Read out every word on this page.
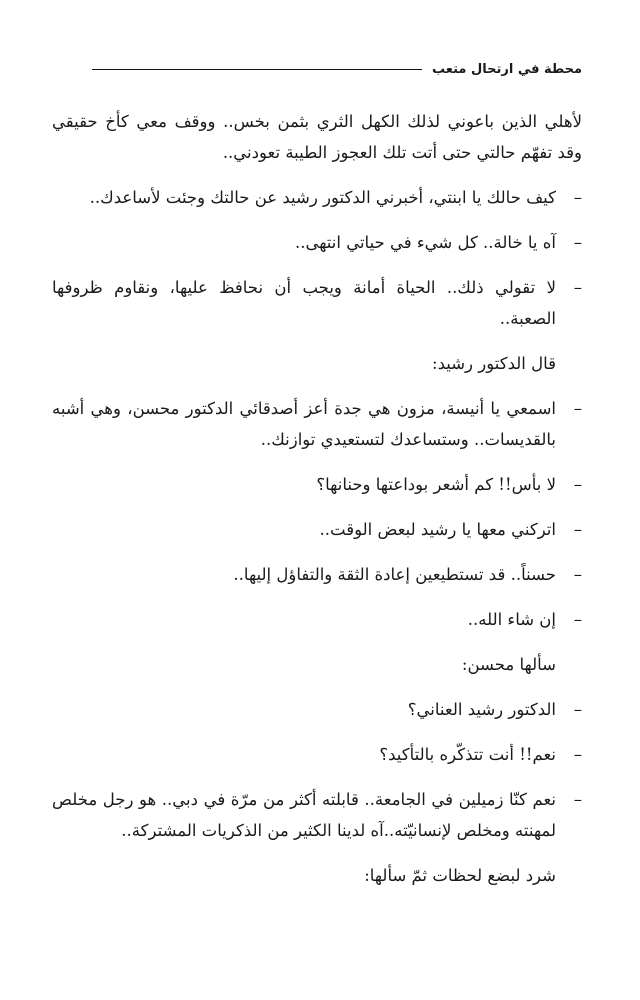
محطة في ارتحال متعب

لأهلي الذين باعوني لذلك الكهل الثري بثمن بخس.. ووقف معي كأخ حقيقي وقد تفهّم حالتي حتى أتت تلك العجوز الطيبة تعودني..

–
كيف حالك يا ابنتي، أخبرني الدكتور رشيد عن حالتك وجئت لأساعدك..
–
آه يا خالة.. كل شيء في حياتي انتهى..
–
لا تقولي ذلك.. الحياة أمانة ويجب أن نحافظ عليها، ونقاوم ظروفها الصعبة..

قال الدكتور رشيد:

–
اسمعي يا أنيسة، مزون هي جدة أعز أصدقائي الدكتور محسن، وهي أشبه بالقديسات.. وستساعدك لتستعيدي توازنك..
–
لا بأس!! كم أشعر بوداعتها وحنانها؟
–
اتركني معها يا رشيد لبعض الوقت..
–
حسناً.. قد تستطيعين إعادة الثقة والتفاؤل إليها..
–
إن شاء الله..

سألها محسن:

–
الدكتور رشيد العناني؟
–
نعم!! أنت تتذكّره بالتأكيد؟
–
نعم كنّا زميلين في الجامعة.. قابلته أكثر من مرّة في دبي.. هو رجل مخلص لمهنته ومخلص لإنسانيّته..آه لدينا الكثير من الذكريات المشتركة..

شرد لبضع لحظات ثمّ سألها:
